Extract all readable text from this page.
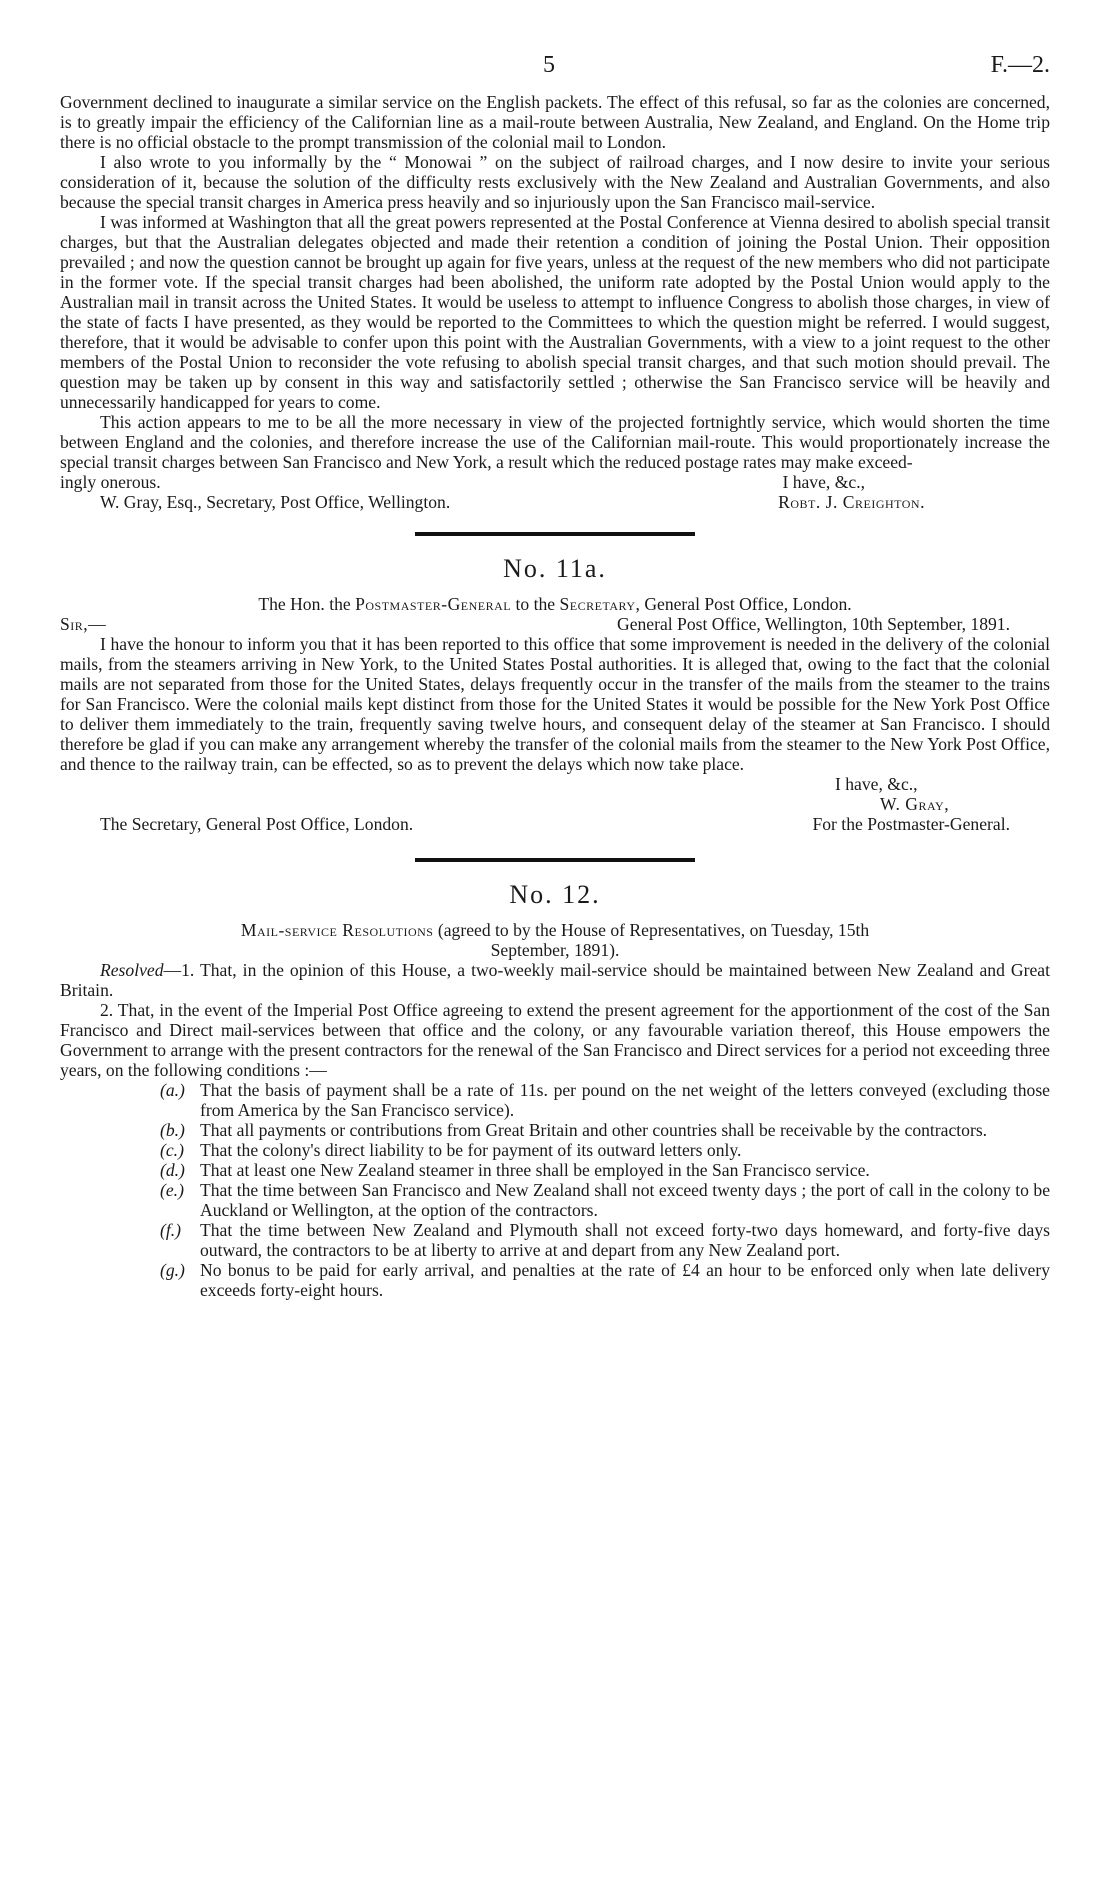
5	F.—2.

Government declined to inaugurate a similar service on the English packets. The effect of this refusal, so far as the colonies are concerned, is to greatly impair the efficiency of the Californian line as a mail-route between Australia, New Zealand, and England. On the Home trip there is no official obstacle to the prompt transmission of the colonial mail to London.

I also wrote to you informally by the “ Monowai ” on the subject of railroad charges, and I now desire to invite your serious consideration of it, because the solution of the difficulty rests exclusively with the New Zealand and Australian Governments, and also because the special transit charges in America press heavily and so injuriously upon the San Francisco mail-service.

I was informed at Washington that all the great powers represented at the Postal Conference at Vienna desired to abolish special transit charges, but that the Australian delegates objected and made their retention a condition of joining the Postal Union. Their opposition prevailed ; and now the question cannot be brought up again for five years, unless at the request of the new members who did not participate in the former vote. If the special transit charges had been abolished, the uniform rate adopted by the Postal Union would apply to the Australian mail in transit across the United States. It would be useless to attempt to influence Congress to abolish those charges, in view of the state of facts I have presented, as they would be reported to the Committees to which the question might be referred. I would suggest, therefore, that it would be advisable to confer upon this point with the Australian Governments, with a view to a joint request to the other members of the Postal Union to reconsider the vote refusing to abolish special transit charges, and that such motion should prevail. The question may be taken up by consent in this way and satisfactorily settled ; otherwise the San Francisco service will be heavily and unnecessarily handicapped for years to come.

This action appears to me to be all the more necessary in view of the projected fortnightly service, which would shorten the time between England and the colonies, and therefore increase the use of the Californian mail-route. This would proportionately increase the special transit charges between San Francisco and New York, a result which the reduced postage rates may make exceed-

ingly onerous.	I have, &c.,
W. Gray, Esq., Secretary, Post Office, Wellington.	Robt. J. Creighton.
No. 11a.
The Hon. the Postmaster-General to the Secretary, General Post Office, London.
Sir,—	General Post Office, Wellington, 10th September, 1891.

I have the honour to inform you that it has been reported to this office that some improvement is needed in the delivery of the colonial mails, from the steamers arriving in New York, to the United States Postal authorities. It is alleged that, owing to the fact that the colonial mails are not separated from those for the United States, delays frequently occur in the transfer of the mails from the steamer to the trains for San Francisco. Were the colonial mails kept distinct from those for the United States it would be possible for the New York Post Office to deliver them immediately to the train, frequently saving twelve hours, and consequent delay of the steamer at San Francisco. I should therefore be glad if you can make any arrangement whereby the transfer of the colonial mails from the steamer to the New York Post Office, and thence to the railway train, can be effected, so as to prevent the delays which now take place.

I have, &c.,
W. Gray,
The Secretary, General Post Office, London.	For the Postmaster-General.
No. 12.
Mail-service Resolutions (agreed to by the House of Representatives, on Tuesday, 15th
September, 1891).

Resolved—1. That, in the opinion of this House, a two-weekly mail-service should be maintained between New Zealand and Great Britain.

2. That, in the event of the Imperial Post Office agreeing to extend the present agreement for the apportionment of the cost of the San Francisco and Direct mail-services between that office and the colony, or any favourable variation thereof, this House empowers the Government to arrange with the present contractors for the renewal of the San Francisco and Direct services for a period not exceeding three years, on the following conditions :—

(a.) That the basis of payment shall be a rate of 11s. per pound on the net weight of the letters conveyed (excluding those from America by the San Francisco service).
(b.) That all payments or contributions from Great Britain and other countries shall be receivable by the contractors.
(c.) That the colony's direct liability to be for payment of its outward letters only.
(d.) That at least one New Zealand steamer in three shall be employed in the San Francisco service.
(e.) That the time between San Francisco and New Zealand shall not exceed twenty days ; the port of call in the colony to be Auckland or Wellington, at the option of the contractors.
(f.) That the time between New Zealand and Plymouth shall not exceed forty-two days homeward, and forty-five days outward, the contractors to be at liberty to arrive at and depart from any New Zealand port.
(g.) No bonus to be paid for early arrival, and penalties at the rate of £4 an hour to be enforced only when late delivery exceeds forty-eight hours.
